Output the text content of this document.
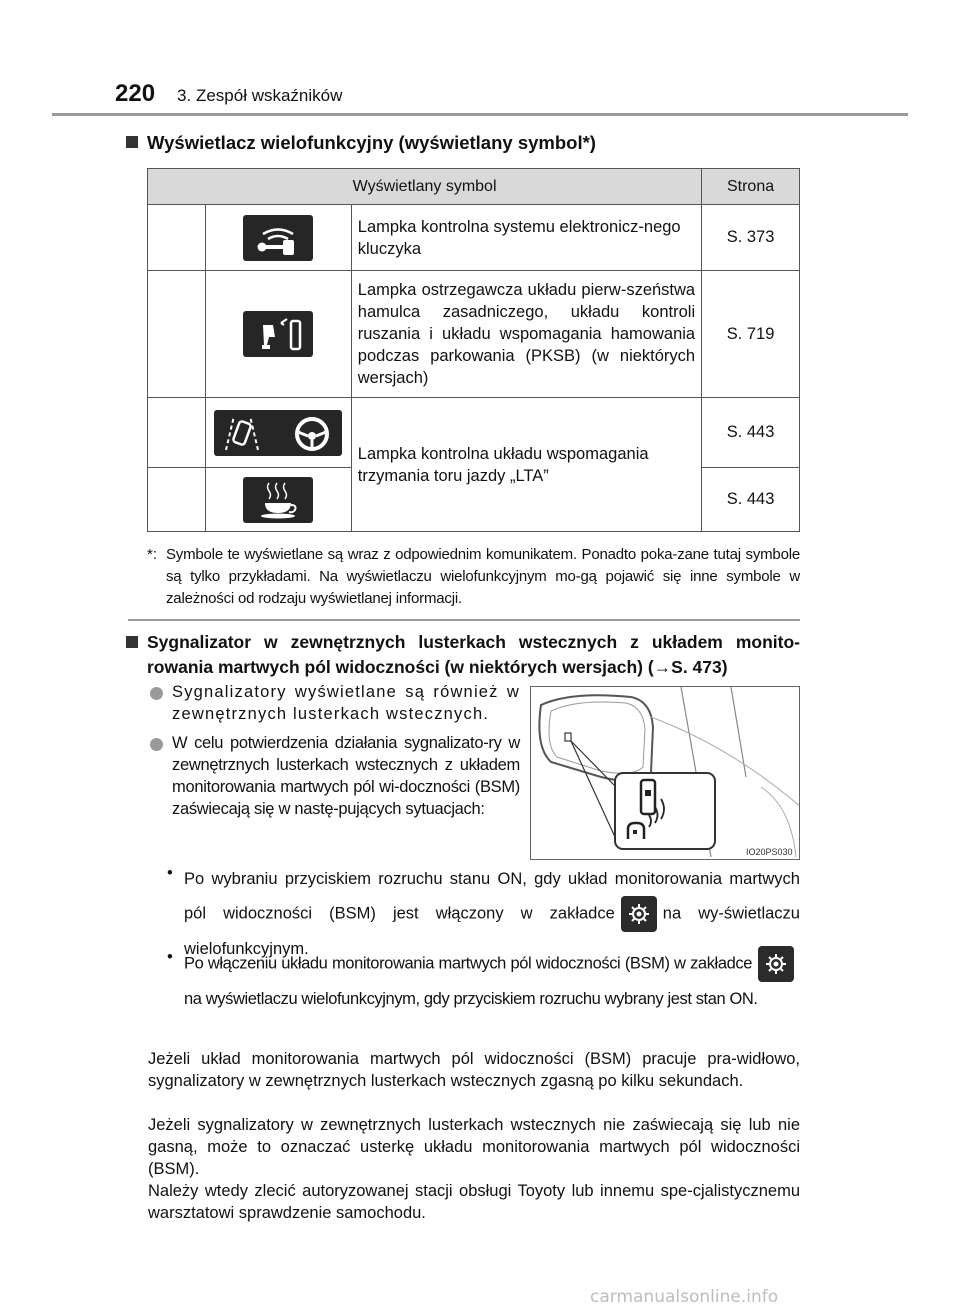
220 3. Zespół wskaźników
Wyświetlacz wielofunkcyjny (wyświetlany symbol*)
Wyświetlany symbol			Strona
		Lampka kontrolna systemu elektronicz-nego kluczyka	S. 373
		Lampka ostrzegawcza układu pierw-szeństwa hamulca zasadniczego, układu kontroli ruszania i układu wspomagania hamowania podczas parkowania (PKSB) (w niektórych wersjach)	S. 719
		Lampka kontrolna układu wspomagania trzymania toru jazdy „LTA”	S. 443
		S. 443
*: Symbole te wyświetlane są wraz z odpowiednim komunikatem. Ponadto poka-zane tutaj symbole są tylko przykładami. Na wyświetlaczu wielofunkcyjnym mo-gą pojawić się inne symbole w zależności od rodzaju wyświetlanej informacji.
Sygnalizator w zewnętrznych lusterkach wstecznych z układem monito-rowania martwych pól widoczności (w niektórych wersjach) (→S. 473)
Sygnalizatory wyświetlane są również w zewnętrznych lusterkach wstecznych.
W celu potwierdzenia działania sygnalizato-ry w zewnętrznych lusterkach wstecznych z układem monitorowania martwych pól wi-doczności (BSM) zaświecają się w nastę-pujących sytuacjach:
IO20PS030
• Po wybraniu przyciskiem rozruchu stanu ON, gdy układ monitorowania martwych pól widoczności (BSM) jest włączony w zakładce	na wy-świetlaczu wielofunkcyjnym.
• Po włączeniu układu monitorowania martwych pól widoczności (BSM) w zakładcena wyświetlaczu wielofunkcyjnym, gdy przyciskiem rozruchu wybrany jest stan ON.
Jeżeli układ monitorowania martwych pól widoczności (BSM) pracuje pra-widłowo, sygnalizatory w zewnętrznych lusterkach wstecznych zgasną po kilku sekundach.
Jeżeli sygnalizatory w zewnętrznych lusterkach wstecznych nie zaświecają się lub nie gasną, może to oznaczać usterkę układu monitorowania martwych pól widoczności (BSM).
Należy wtedy zlecić autoryzowanej stacji obsługi Toyoty lub innemu spe-cjalistycznemu warsztatowi sprawdzenie samochodu.
carmanualsonline.info
